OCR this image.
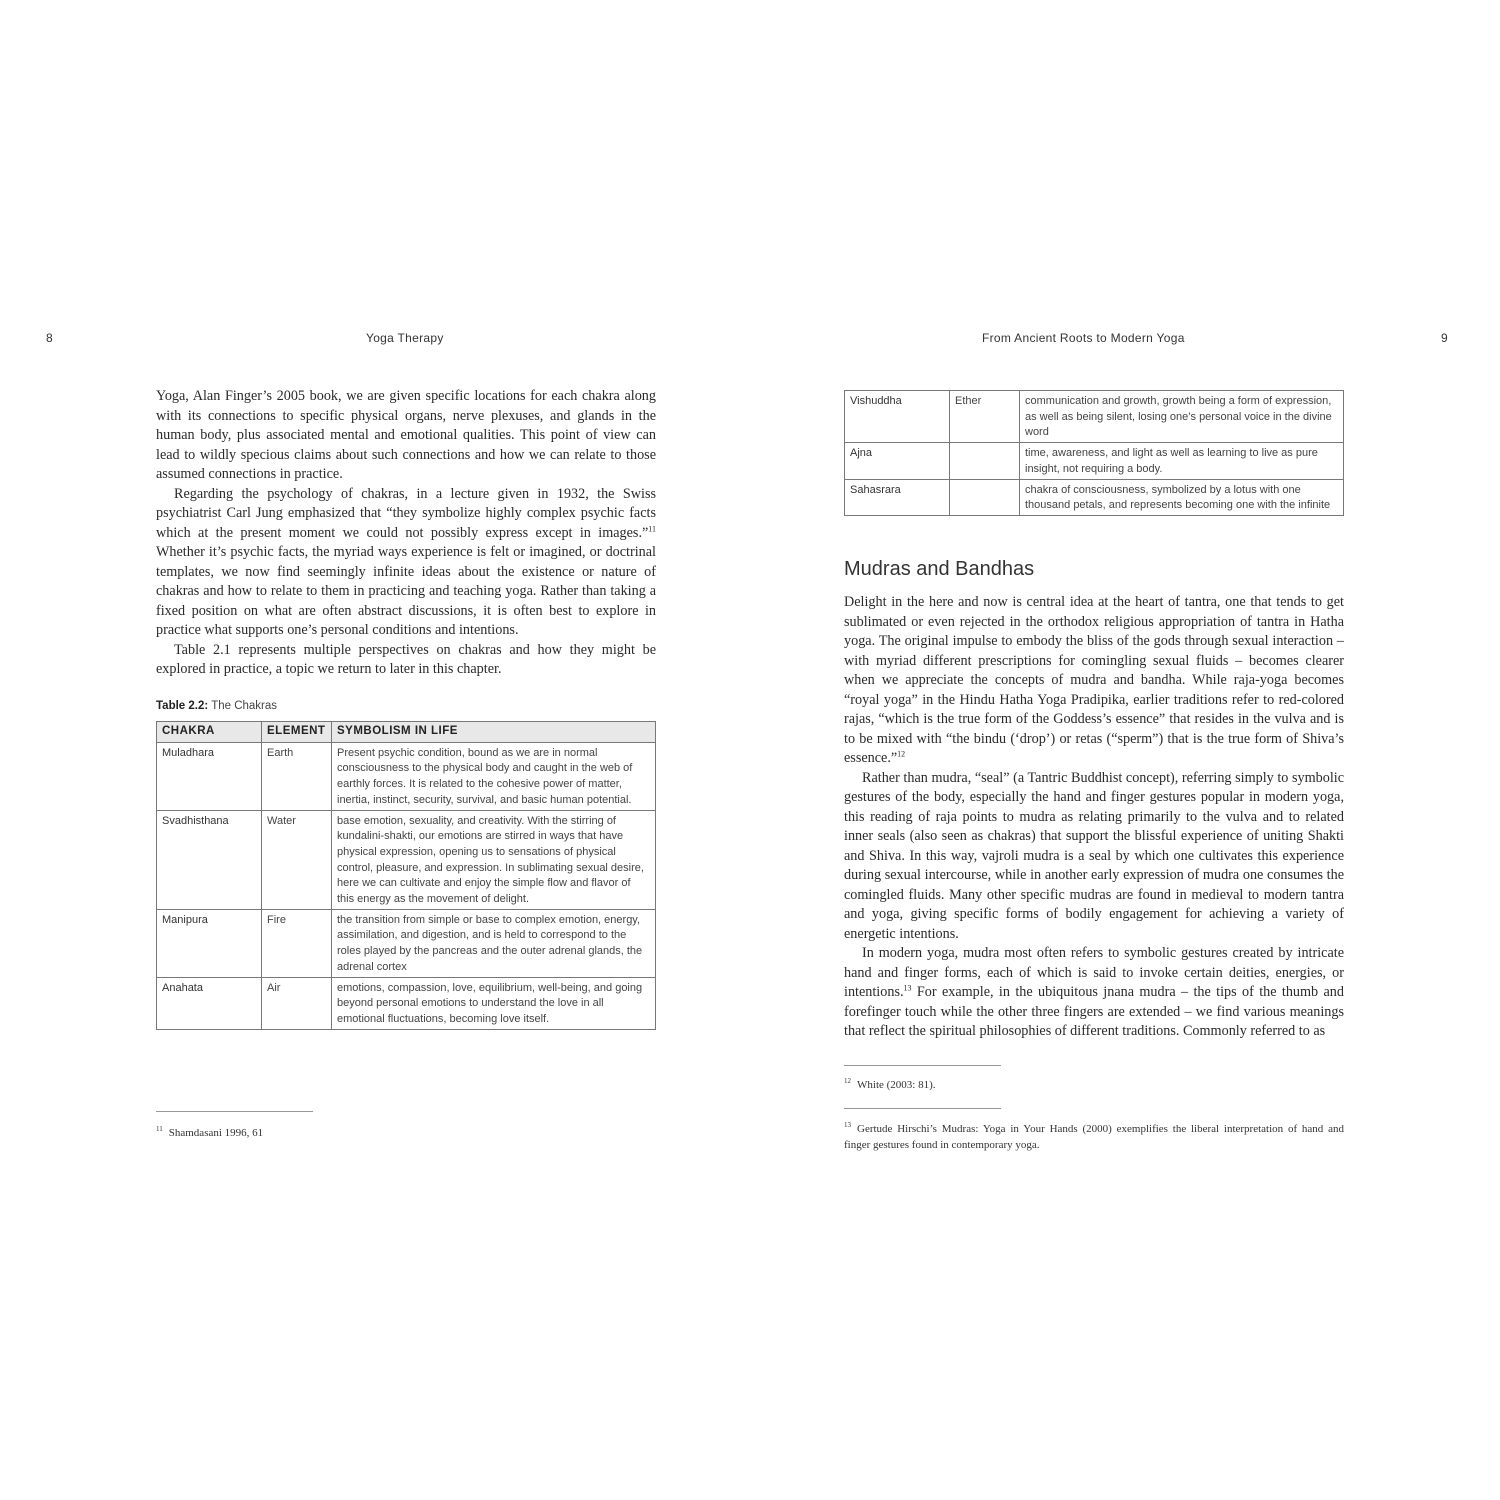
8	Yoga Therapy

Yoga, Alan Finger’s 2005 book, we are given specific locations for each chakra along with its connections to specific physical organs, nerve plexuses, and glands in the human body, plus associated mental and emotional qualities. This point of view can lead to wildly specious claims about such connections and how we can relate to those assumed connections in practice.

Regarding the psychology of chakras, in a lecture given in 1932, the Swiss psychiatrist Carl Jung emphasized that “they symbolize highly complex psychic facts which at the present moment we could not possibly express except in images.”$^{11}$ Whether it’s psychic facts, the myriad ways experience is felt or imagined, or doctrinal templates, we now find seemingly infinite ideas about the existence or nature of chakras and how to relate to them in practicing and teaching yoga. Rather than taking a fixed position on what are often abstract discussions, it is often best to explore in practice what supports one’s personal conditions and intentions.

Table 2.1 represents multiple perspectives on chakras and how they might be explored in practice, a topic we return to later in this chapter.

Table 2.2: The Chakras
CHAKRA	ELEMENT	SYMBOLISM IN LIFE
Muladhara	Earth	Present psychic condition, bound as we are in normal consciousness to the physical body and caught in the web of earthly forces. It is related to the cohesive power of matter, inertia, instinct, security, survival, and basic human potential.
Svadhisthana	Water	base emotion, sexuality, and creativity. With the stirring of kundalini-shakti, our emotions are stirred in ways that have physical expression, opening us to sensations of physical control, pleasure, and expression. In sublimating sexual desire, here we can cultivate and enjoy the simple flow and flavor of this energy as the movement of delight.
Manipura	Fire	the transition from simple or base to complex emotion, energy, assimilation, and digestion, and is held to correspond to the roles played by the pancreas and the outer adrenal glands, the adrenal cortex
Anahata	Air	emotions, compassion, love, equilibrium, well-being, and going beyond personal emotions to understand the love in all emotional fluctuations, becoming love itself.
$^{11}$ Shamdasani 1996, 61
From Ancient Roots to Modern Yoga	9
Vishuddha	Ether	communication and growth, growth being a form of expression, as well as being silent, losing one’s personal voice in the divine word
Ajna		time, awareness, and light as well as learning to live as pure insight, not requiring a body.
Sahasrara		chakra of consciousness, symbolized by a lotus with one thousand petals, and represents becoming one with the infinite
Mudras and Bandhas

Delight in the here and now is central idea at the heart of tantra, one that tends to get sublimated or even rejected in the orthodox religious appropriation of tantra in Hatha yoga. The original impulse to embody the bliss of the gods through sexual interaction – with myriad different prescriptions for comingling sexual fluids – becomes clearer when we appreciate the concepts of mudra and bandha. While raja-yoga becomes “royal yoga” in the Hindu Hatha Yoga Pradipika, earlier traditions refer to red-colored rajas, “which is the true form of the Goddess’s essence” that resides in the vulva and is to be mixed with “the bindu (‘drop’) or retas (“sperm”) that is the true form of Shiva’s essence.”$^{12}$

Rather than mudra, “seal” (a Tantric Buddhist concept), referring simply to symbolic gestures of the body, especially the hand and finger gestures popular in modern yoga, this reading of raja points to mudra as relating primarily to the vulva and to related inner seals (also seen as chakras) that support the blissful experience of uniting Shakti and Shiva. In this way, vajroli mudra is a seal by which one cultivates this experience during sexual intercourse, while in another early expression of mudra one consumes the comingled fluids. Many other specific mudras are found in medieval to modern tantra and yoga, giving specific forms of bodily engagement for achieving a variety of energetic intentions.

In modern yoga, mudra most often refers to symbolic gestures created by intricate hand and finger forms, each of which is said to invoke certain deities, energies, or intentions.$^{13}$ For example, in the ubiquitous jnana mudra – the tips of the thumb and forefinger touch while the other three fingers are extended – we find various meanings that reflect the spiritual philosophies of different traditions. Commonly referred to as

$^{12}$ White (2003: 81).
$^{13}$ Gertude Hirschi’s Mudras: Yoga in Your Hands (2000) exemplifies the liberal interpretation of hand and finger gestures found in contemporary yoga.
